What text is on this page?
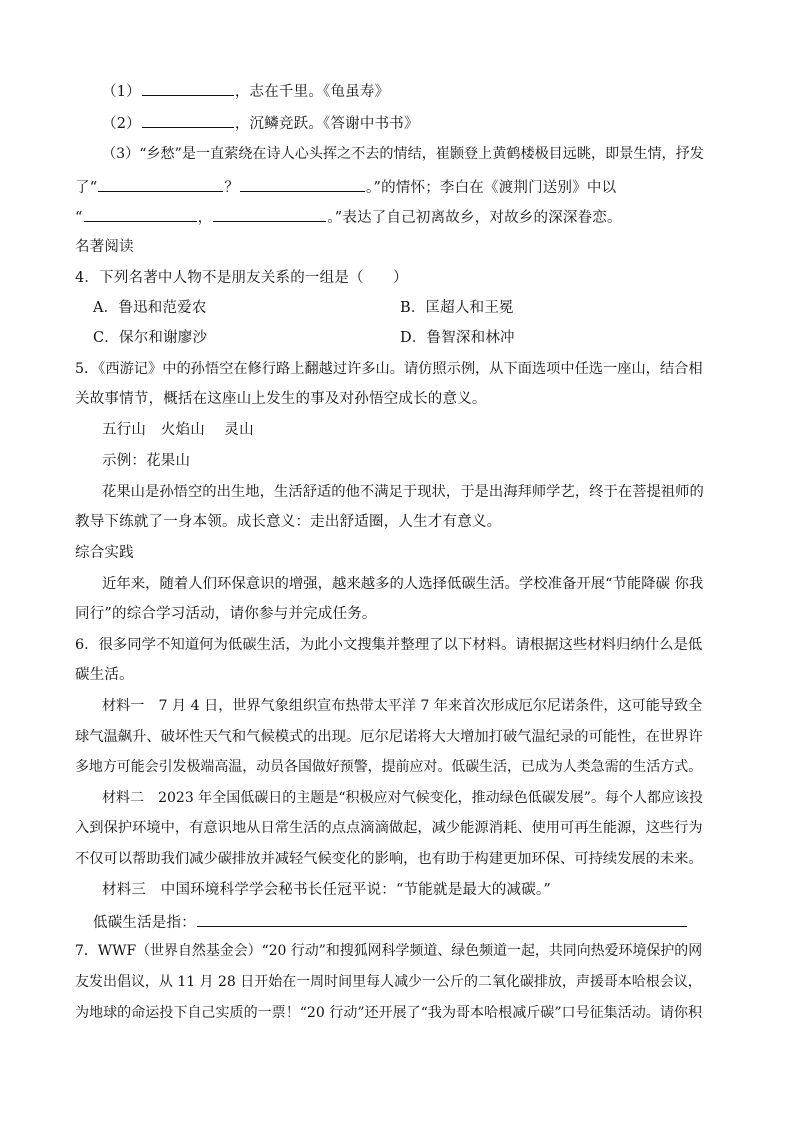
（1）	，志在千里。《龟虽寿》
（2）	，沉鳞竞跃。《答谢中书书》
（3）“乡愁”是一直萦绕在诗人心头挥之不去的情结，崔颢登上黄鹤楼极目远眺，即景生情，抒发
了“	？	。”的情怀；李白在《渡荆门送别》中以
“	，	。”表达了自己初离故乡，对故乡的深深眷恋。
名著阅读
4．下列名著中人物不是朋友关系的一组是（　　）
A．鲁迅和范爱农	B．匡超人和王冕
C．保尔和谢廖沙	D．鲁智深和林冲
5．《西游记》中的孙悟空在修行路上翻越过许多山。请仿照示例，从下面选项中任选一座山，结合相
关故事情节，概括在这座山上发生的事及对孙悟空成长的意义。
五行山　火焰山　 灵山
示例：花果山
花果山是孙悟空的出生地，生活舒适的他不满足于现状，于是出海拜师学艺，终于在菩提祖师的
教导下练就了一身本领。成长意义：走出舒适圈，人生才有意义。
综合实践
近年来，随着人们环保意识的增强，越来越多的人选择低碳生活。学校准备开展“节能降碳 你我
同行”的综合学习活动，请你参与并完成任务。
6．很多同学不知道何为低碳生活，为此小文搜集并整理了以下材料。请根据这些材料归纳什么是低
碳生活。
材料一　7 月 4 日，世界气象组织宣布热带太平洋 7 年来首次形成厄尔尼诺条件，这可能导致全
球气温飙升、破坏性天气和气候模式的出现。厄尔尼诺将大大增加打破气温纪录的可能性，在世界许
多地方可能会引发极端高温，动员各国做好预警，提前应对。低碳生活，已成为人类急需的生活方式。
材料二　2023 年全国低碳日的主题是“积极应对气候变化，推动绿色低碳发展”。每个人都应该投
入到保护环境中，有意识地从日常生活的点点滴滴做起，减少能源消耗、使用可再生能源，这些行为
不仅可以帮助我们减少碳排放并减轻气候变化的影响，也有助于构建更加环保、可持续发展的未来。
材料三　中国环境科学学会秘书长任冠平说：“节能就是最大的减碳。”
低碳生活是指：
7．WWF（世界自然基金会）“20 行动”和搜狐网科学频道、绿色频道一起，共同向热爱环境保护的网
友发出倡议，从 11 月 28 日开始在一周时间里每人减少一公斤的二氧化碳排放，声援哥本哈根会议，
为地球的命运投下自己实质的一票！“20 行动”还开展了“我为哥本哈根减斤碳”口号征集活动。请你积
